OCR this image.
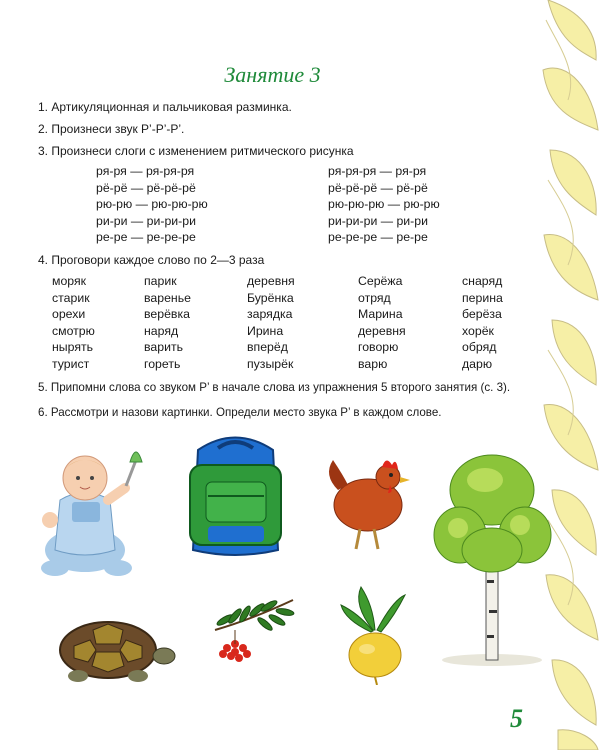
Занятие 3
1. Артикуляционная и пальчиковая разминка.
2. Произнеси звук Р’-Р’-Р’.
3. Произнеси слоги с изменением ритмического рисунка
ря-ря — ря-ря-ря
рё-рё — рё-рё-рё
рю-рю — рю-рю-рю
ри-ри — ри-ри-ри
ре-ре — ре-ре-ре
ря-ря-ря — ря-ря
рё-рё-рё — рё-рё
рю-рю-рю — рю-рю
ри-ри-ри — ри-ри
ре-ре-ре — ре-ре
4. Проговори каждое слово по 2—3 раза
моряк
старик
орехи
смотрю
нырять
турист
парик
варенье
верёвка
наряд
варить
гореть
деревня
Бурёнка
зарядка
Ирина
вперёд
пузырёк
Серёжа
отряд
Марина
деревня
говорю
варю
снаряд
перина
берёза
хорёк
обряд
дарю
5. Припомни слова со звуком Р’ в начале слова из упражнения 5 второго занятия (с. 3).
6. Рассмотри и назови картинки. Определи место звука Р’ в каждом слове.
5
